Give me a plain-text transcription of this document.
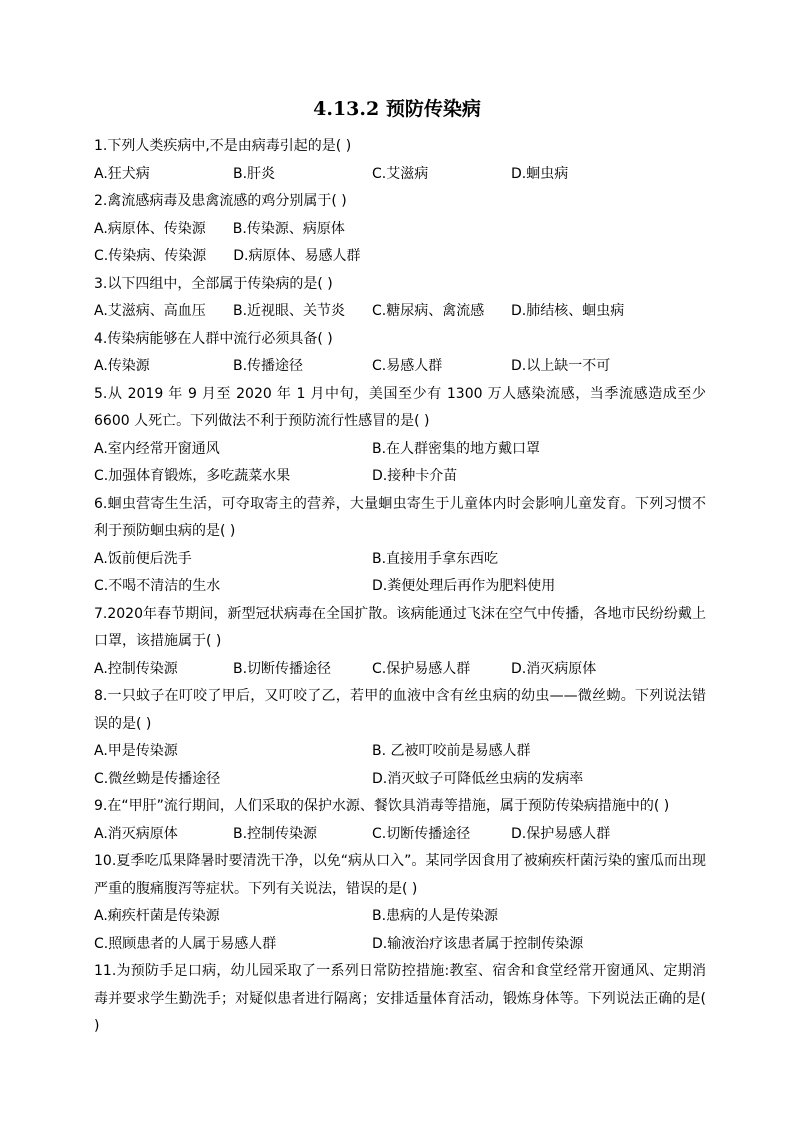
4.13.2 预防传染病
1.下列人类疾病中,不是由病毒引起的是( )
A.狂犬病	B.肝炎	C.艾滋病	D.蛔虫病
2.禽流感病毒及患禽流感的鸡分别属于( )
A.病原体、传染源 B.传染源、病原体
C.传染病、传染源 D.病原体、易感人群
3.以下四组中，全部属于传染病的是( )
A.艾滋病、高血压	B.近视眼、关节炎	C.糖尿病、禽流感	D.肺结核、蛔虫病
4.传染病能够在人群中流行必须具备( )
A.传染源	B.传播途径	C.易感人群	D.以上缺一不可
5.从 2019 年 9 月至 2020 年 1 月中旬，美国至少有 1300 万人感染流感，当季流感造成至少 6600 人死亡。下列做法不利于预防流行性感冒的是( )
A.室内经常开窗通风	B.在人群密集的地方戴口罩
C.加强体育锻炼，多吃蔬菜水果	D.接种卡介苗
6.蛔虫营寄生生活，可夺取寄主的营养，大量蛔虫寄生于儿童体内时会影响儿童发育。下列习惯不利于预防蛔虫病的是( )
A.饭前便后洗手	B.直接用手拿东西吃
C.不喝不清洁的生水	D.粪便处理后再作为肥料使用
7.2020年春节期间，新型冠状病毒在全国扩散。该病能通过飞沫在空气中传播，各地市民纷纷戴上口罩，该措施属于( )
A.控制传染源	B.切断传播途径	C.保护易感人群	D.消灭病原体
8.一只蚊子在叮咬了甲后，又叮咬了乙，若甲的血液中含有丝虫病的幼虫——微丝蚴。下列说法错误的是( )
A.甲是传染源	B. 乙被叮咬前是易感人群
C.微丝蚴是传播途径	D.消灭蚊子可降低丝虫病的发病率
9.在“甲肝”流行期间，人们采取的保护水源、餐饮具消毒等措施，属于预防传染病措施中的( )
A.消灭病原体	B.控制传染源	C.切断传播途径	D.保护易感人群
10.夏季吃瓜果降暑时要清洗干净，以免“病从口入”。某同学因食用了被痢疾杆菌污染的蜜瓜而出现严重的腹痛腹泻等症状。下列有关说法，错误的是( )
A.痢疾杆菌是传染源	B.患病的人是传染源
C.照顾患者的人属于易感人群	D.输液治疗该患者属于控制传染源
11.为预防手足口病，幼儿园采取了一系列日常防控措施:教室、宿舍和食堂经常开窗通风、定期消毒并要求学生勤洗手；对疑似患者进行隔离；安排适量体育活动，锻炼身体等。下列说法正确的是( )
